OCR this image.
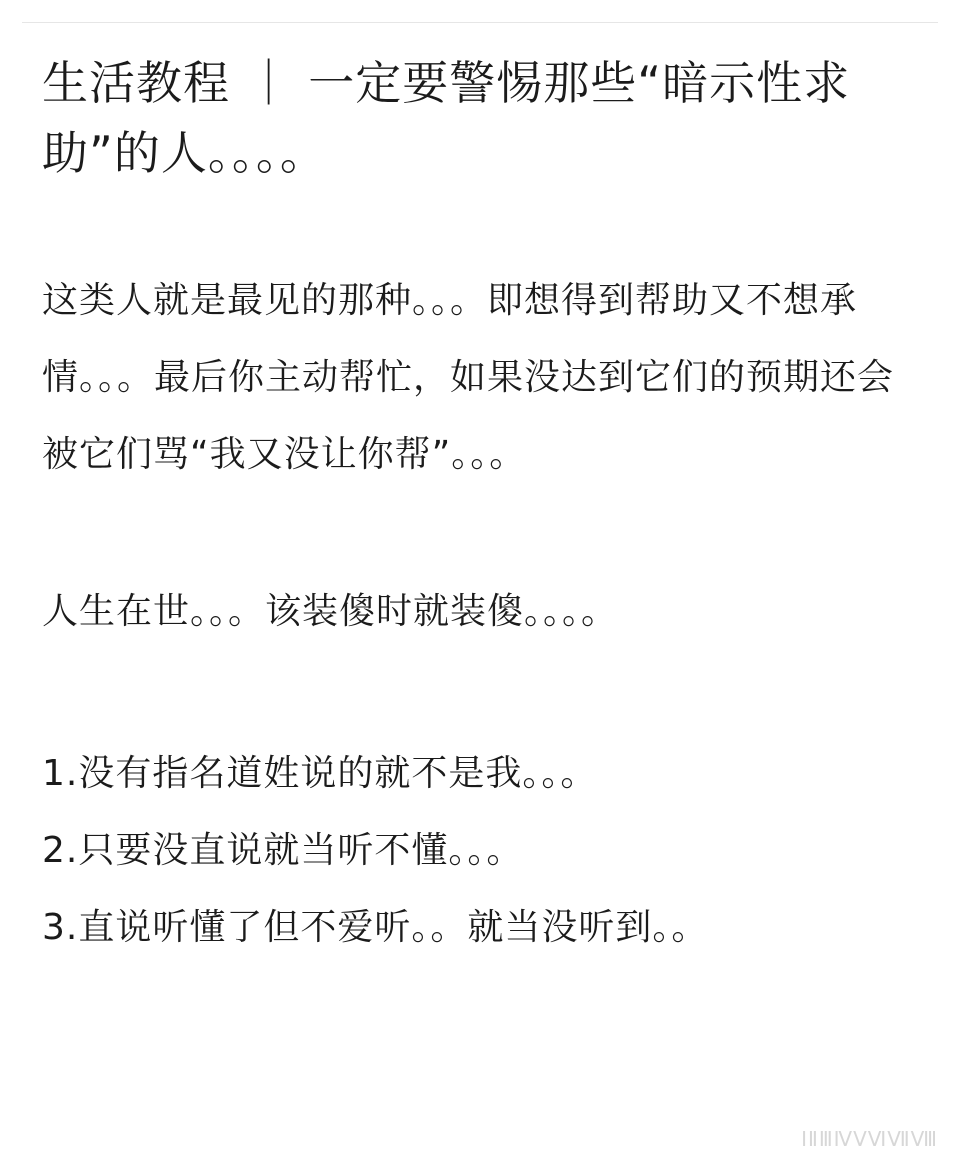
生活教程 ｜ 一定要警惕那些“暗示性求助”的人。。。。

这类人就是最见的那种。。。即想得到帮助又不想承情。。。最后你主动帮忙，如果没达到它们的预期还会被它们骂“我又没让你帮”。。。

人生在世。。。该装傻时就装傻。。。。

1.没有指名道姓说的就不是我。。。

2.只要没直说就当听不懂。。。

3.直说听懂了但不爱听。。就当没听到。。

ⅠⅡⅢⅣⅤⅥⅦⅧ
